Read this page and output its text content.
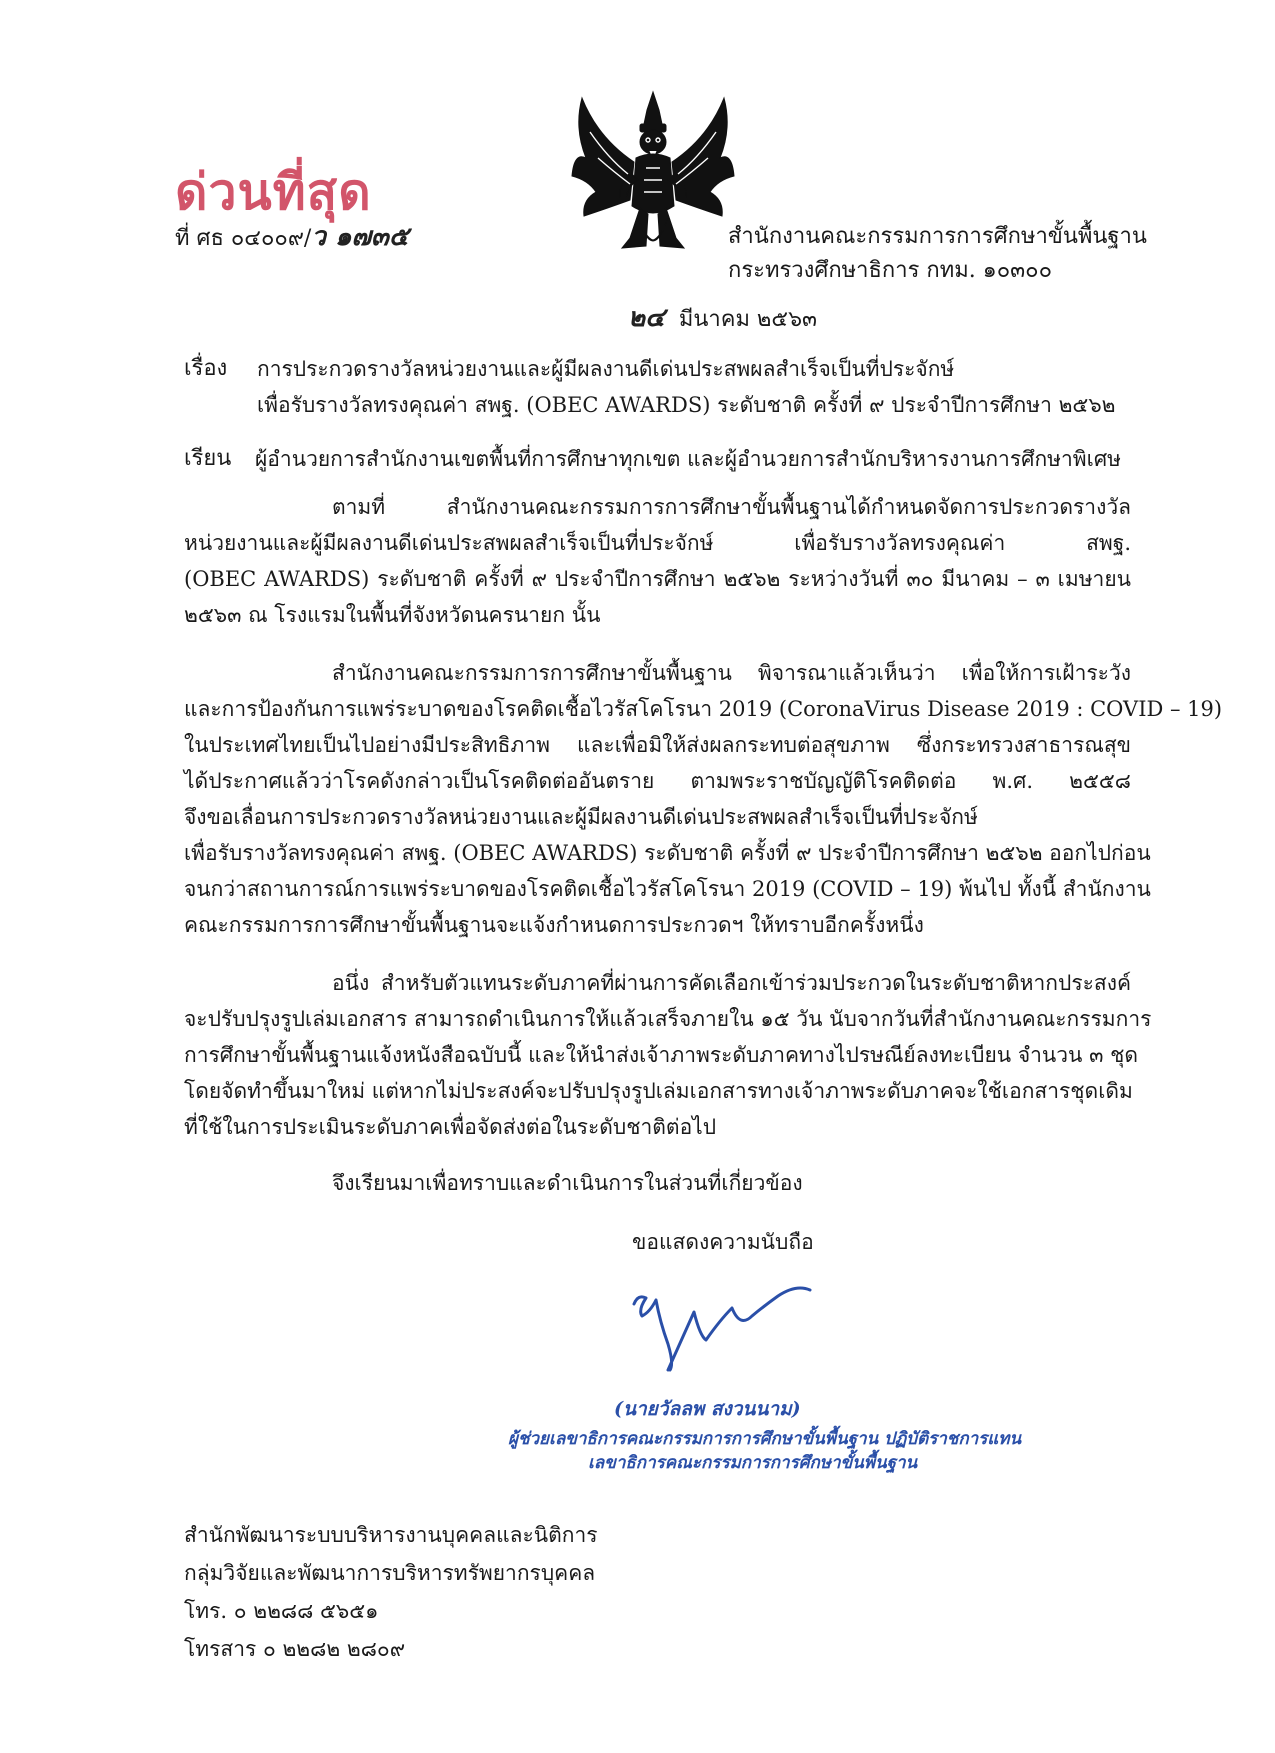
ด่วนที่สุด
ที่ ศธ ๐๔๐๐๙/ว ๑๗๓๕	สำนักงานคณะกรรมการการศึกษาขั้นพื้นฐาน
กระทรวงศึกษาธิการ กทม. ๑๐๓๐๐
๒๔ มีนาคม ๒๕๖๓
เรื่อง การประกวดรางวัลหน่วยงานและผู้มีผลงานดีเด่นประสพผลสำเร็จเป็นที่ประจักษ์
เพื่อรับรางวัลทรงคุณค่า สพฐ. (OBEC AWARDS) ระดับชาติ ครั้งที่ ๙ ประจำปีการศึกษา ๒๕๖๒
เรียน ผู้อำนวยการสำนักงานเขตพื้นที่การศึกษาทุกเขต และผู้อำนวยการสำนักบริหารงานการศึกษาพิเศษ
ตามที่ สำนักงานคณะกรรมการการศึกษาขั้นพื้นฐานได้กำหนดจัดการประกวดรางวัล
หน่วยงานและผู้มีผลงานดีเด่นประสพผลสำเร็จเป็นที่ประจักษ์ เพื่อรับรางวัลทรงคุณค่า สพฐ.
(OBEC AWARDS) ระดับชาติ ครั้งที่ ๙ ประจำปีการศึกษา ๒๕๖๒ ระหว่างวันที่ ๓๐ มีนาคม – ๓ เมษายน
๒๕๖๓ ณ โรงแรมในพื้นที่จังหวัดนครนายก นั้น
สำนักงานคณะกรรมการการศึกษาขั้นพื้นฐาน พิจารณาแล้วเห็นว่า เพื่อให้การเฝ้าระวัง
และการป้องกันการแพร่ระบาดของโรคติดเชื้อไวรัสโคโรนา 2019 (CoronaVirus Disease 2019 : COVID – 19)
ในประเทศไทยเป็นไปอย่างมีประสิทธิภาพ และเพื่อมิให้ส่งผลกระทบต่อสุขภาพ ซึ่งกระทรวงสาธารณสุข
ได้ประกาศแล้วว่าโรคดังกล่าวเป็นโรคติดต่ออันตราย ตามพระราชบัญญัติโรคติดต่อ พ.ศ. ๒๕๕๘
จึงขอเลื่อนการประกวดรางวัลหน่วยงานและผู้มีผลงานดีเด่นประสพผลสำเร็จเป็นที่ประจักษ์
เพื่อรับรางวัลทรงคุณค่า สพฐ. (OBEC AWARDS) ระดับชาติ ครั้งที่ ๙ ประจำปีการศึกษา ๒๕๖๒ ออกไปก่อน
จนกว่าสถานการณ์การแพร่ระบาดของโรคติดเชื้อไวรัสโคโรนา 2019 (COVID – 19) พ้นไป ทั้งนี้ สำนักงาน
คณะกรรมการการศึกษาขั้นพื้นฐานจะแจ้งกำหนดการประกวดฯ ให้ทราบอีกครั้งหนึ่ง
อนึ่ง สำหรับตัวแทนระดับภาคที่ผ่านการคัดเลือกเข้าร่วมประกวดในระดับชาติหากประสงค์
จะปรับปรุงรูปเล่มเอกสาร สามารถดำเนินการให้แล้วเสร็จภายใน ๑๕ วัน นับจากวันที่สำนักงานคณะกรรมการ
การศึกษาขั้นพื้นฐานแจ้งหนังสือฉบับนี้ และให้นำส่งเจ้าภาพระดับภาคทางไปรษณีย์ลงทะเบียน จำนวน ๓ ชุด
โดยจัดทำขึ้นมาใหม่ แต่หากไม่ประสงค์จะปรับปรุงรูปเล่มเอกสารทางเจ้าภาพระดับภาคจะใช้เอกสารชุดเดิม
ที่ใช้ในการประเมินระดับภาคเพื่อจัดส่งต่อในระดับชาติต่อไป
จึงเรียนมาเพื่อทราบและดำเนินการในส่วนที่เกี่ยวข้อง
ขอแสดงความนับถือ
(นายวัลลพ สงวนนาม)
ผู้ช่วยเลขาธิการคณะกรรมการการศึกษาขั้นพื้นฐาน ปฏิบัติราชการแทน
เลขาธิการคณะกรรมการการศึกษาขั้นพื้นฐาน
สำนักพัฒนาระบบบริหารงานบุคคลและนิติการ
กลุ่มวิจัยและพัฒนาการบริหารทรัพยากรบุคคล
โทร. ๐ ๒๒๘๘ ๕๖๕๑
โทรสาร ๐ ๒๒๘๒ ๒๘๐๙
